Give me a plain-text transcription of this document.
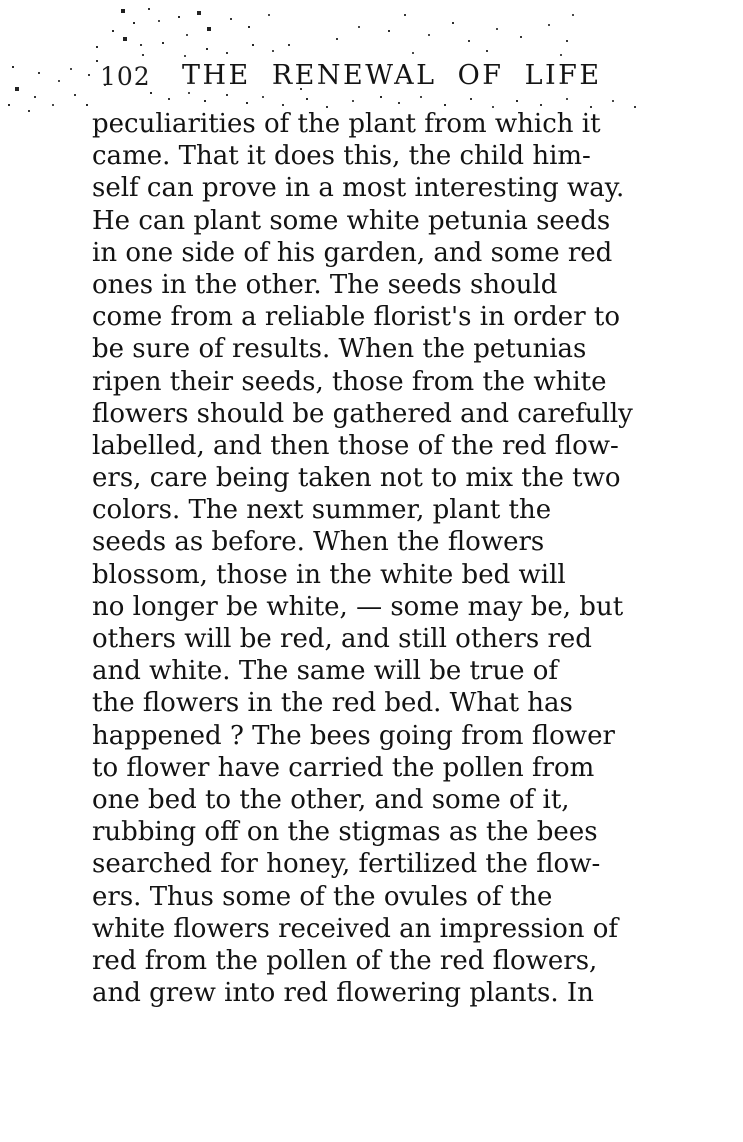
102 THE RENEWAL OF LIFE
peculiarities of the plant from which it
came. That it does this, the child him-
self can prove in a most interesting way.
He can plant some white petunia seeds
in one side of his garden, and some red
ones in the other. The seeds should
come from a reliable florist's in order to
be sure of results. When the petunias
ripen their seeds, those from the white
flowers should be gathered and carefully
labelled, and then those of the red flow-
ers, care being taken not to mix the two
colors. The next summer, plant the
seeds as before. When the flowers
blossom, those in the white bed will
no longer be white, — some may be, but
others will be red, and still others red
and white. The same will be true of
the flowers in the red bed. What has
happened ? The bees going from flower
to flower have carried the pollen from
one bed to the other, and some of it,
rubbing off on the stigmas as the bees
searched for honey, fertilized the flow-
ers. Thus some of the ovules of the
white flowers received an impression of
red from the pollen of the red flowers,
and grew into red flowering plants. In
